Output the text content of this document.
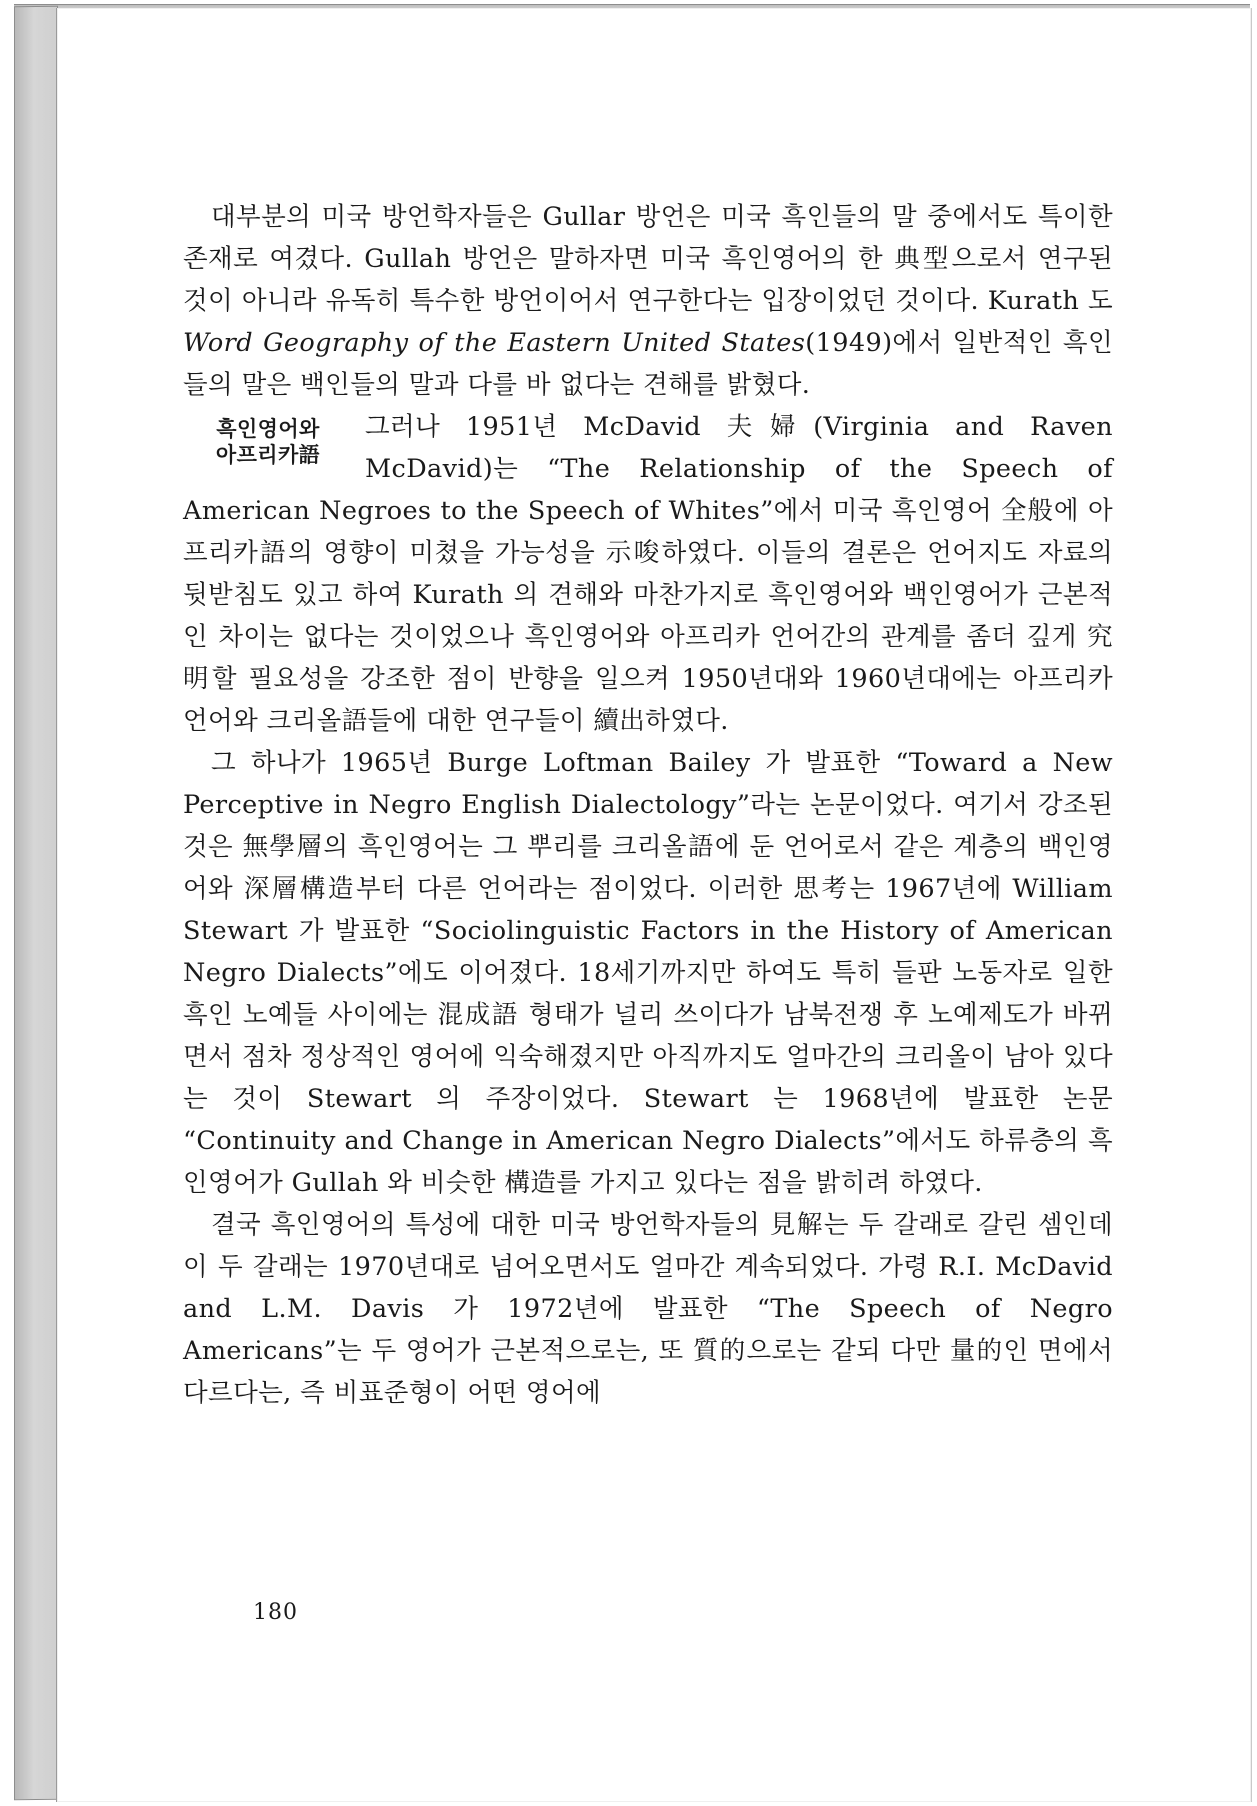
대부분의 미국 방언학자들은 Gullar 방언은 미국 흑인들의 말 중에서도 특이한 존재로 여겼다. Gullah 방언은 말하자면 미국 흑인영어의 한 典型으로서 연구된 것이 아니라 유독히 특수한 방언이어서 연구한다는 입장이었던 것이다. Kurath 도 Word Geography of the Eastern United States(1949)에서 일반적인 흑인들의 말은 백인들의 말과 다를 바 없다는 견해를 밝혔다.

흑인영어와
아프리카語
그러나 1951년 McDavid 夫婦(Virginia and Raven McDavid)는 “The Relationship of the Speech of American Negroes to the Speech of Whites”에서 미국 흑인영어 全般에 아프리카語의 영향이 미쳤을 가능성을 示唆하였다. 이들의 결론은 언어지도 자료의 뒷받침도 있고 하여 Kurath 의 견해와 마찬가지로 흑인영어와 백인영어가 근본적인 차이는 없다는 것이었으나 흑인영어와 아프리카 언어간의 관계를 좀더 깊게 究明할 필요성을 강조한 점이 반향을 일으켜 1950년대와 1960년대에는 아프리카 언어와 크리올語들에 대한 연구들이 續出하였다.

그 하나가 1965년 Burge Loftman Bailey 가 발표한 “Toward a New Perceptive in Negro English Dialectology”라는 논문이었다. 여기서 강조된 것은 無學層의 흑인영어는 그 뿌리를 크리올語에 둔 언어로서 같은 계층의 백인영어와 深層構造부터 다른 언어라는 점이었다. 이러한 思考는 1967년에 William Stewart 가 발표한 “Sociolinguistic Factors in the History of American Negro Dialects”에도 이어졌다. 18세기까지만 하여도 특히 들판 노동자로 일한 흑인 노예들 사이에는 混成語 형태가 널리 쓰이다가 남북전쟁 후 노예제도가 바뀌면서 점차 정상적인 영어에 익숙해졌지만 아직까지도 얼마간의 크리올이 남아 있다는 것이 Stewart 의 주장이었다. Stewart 는 1968년에 발표한 논문 “Continuity and Change in American Negro Dialects”에서도 하류층의 흑인영어가 Gullah 와 비슷한 構造를 가지고 있다는 점을 밝히려 하였다.

결국 흑인영어의 특성에 대한 미국 방언학자들의 見解는 두 갈래로 갈린 셈인데 이 두 갈래는 1970년대로 넘어오면서도 얼마간 계속되었다. 가령 R.I. McDavid and L.M. Davis 가 1972년에 발표한 “The Speech of Negro Americans”는 두 영어가 근본적으로는, 또 質的으로는 같되 다만 量的인 면에서 다르다는, 즉 비표준형이 어떤 영어에

180
